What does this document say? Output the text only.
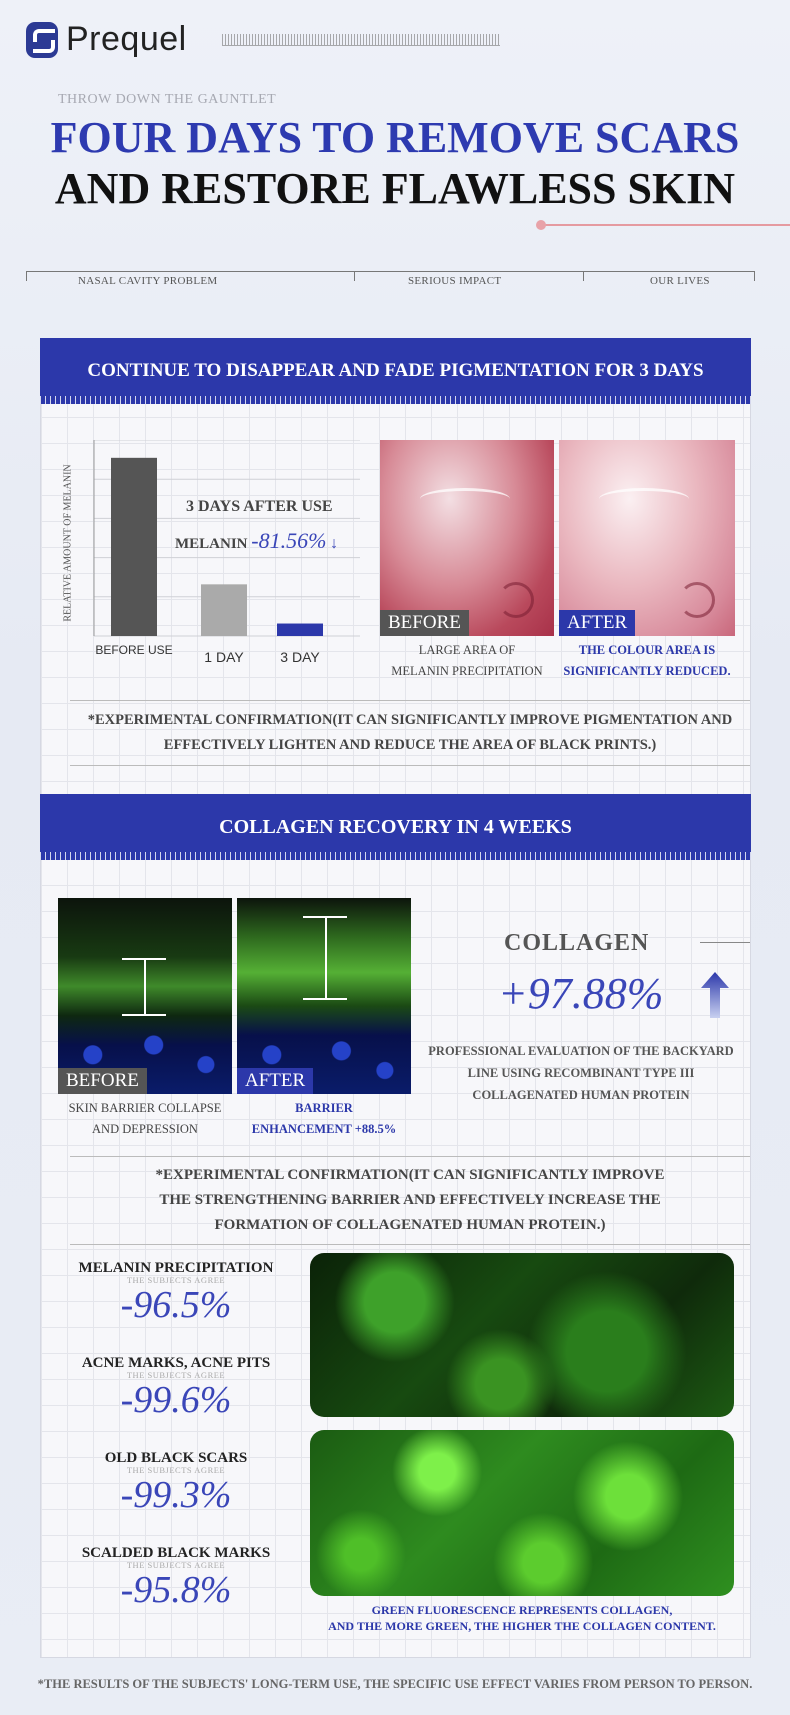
Prequel
THROW DOWN THE GAUNTLET
FOUR DAYS TO REMOVE SCARS
AND RESTORE FLAWLESS SKIN
NASAL CAVITY PROBLEM	SERIOUS IMPACT	OUR LIVES
CONTINUE TO DISAPPEAR AND FADE PIGMENTATION FOR 3 DAYS
RELATIVE AMOUNT OF MELANIN
BEFORE USE 1 DAY	3 DAY
3 DAYS AFTER USE
MELANIN -81.56% ↓
BEFORE	AFTER
LARGE AREA OF
MELANIN PRECIPITATION
THE COLOUR AREA IS
SIGNIFICANTLY REDUCED.
*EXPERIMENTAL CONFIRMATION(IT CAN SIGNIFICANTLY IMPROVE PIGMENTATION AND
EFFECTIVELY LIGHTEN AND REDUCE THE AREA OF BLACK PRINTS.)
COLLAGEN RECOVERY IN 4 WEEKS
BEFORE	AFTER
SKIN BARRIER COLLAPSE
AND DEPRESSION
BARRIER
ENHANCEMENT +88.5%
COLLAGEN
+97.88%
PROFESSIONAL EVALUATION OF THE BACKYARD
LINE USING RECOMBINANT TYPE III
COLLAGENATED HUMAN PROTEIN
*EXPERIMENTAL CONFIRMATION(IT CAN SIGNIFICANTLY IMPROVE
THE STRENGTHENING BARRIER AND EFFECTIVELY INCREASE THE
FORMATION OF COLLAGENATED HUMAN PROTEIN.)
MELANIN PRECIPITATION
THE SUBJECTS AGREE
-96.5%
ACNE MARKS, ACNE PITS
THE SUBJECTS AGREE
-99.6%
OLD BLACK SCARS
THE SUBJECTS AGREE
-99.3%
SCALDED BLACK MARKS
THE SUBJECTS AGREE
-95.8%	GREEN FLUORESCENCE REPRESENTS COLLAGEN,
AND THE MORE GREEN, THE HIGHER THE COLLAGEN CONTENT.
*THE RESULTS OF THE SUBJECTS' LONG-TERM USE, THE SPECIFIC USE EFFECT VARIES FROM PERSON TO PERSON.
